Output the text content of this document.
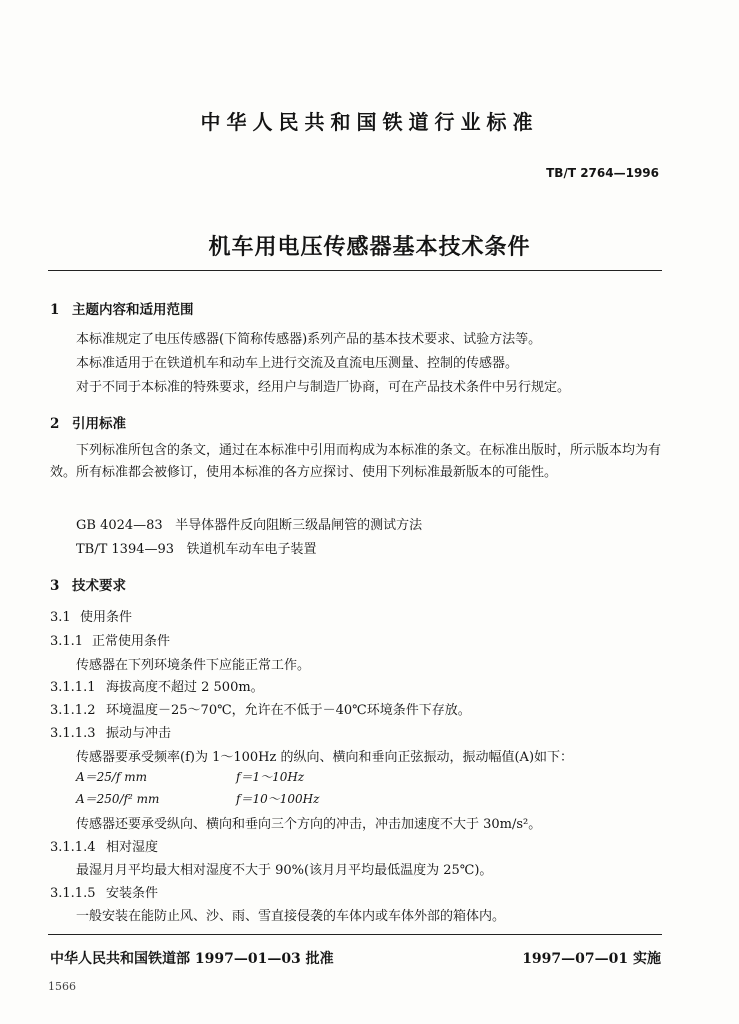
中华人民共和国铁道行业标准
TB/T 2764—1996
机车用电压传感器基本技术条件
1 主题内容和适用范围
本标准规定了电压传感器(下简称传感器)系列产品的基本技术要求、试验方法等。
本标准适用于在铁道机车和动车上进行交流及直流电压测量、控制的传感器。
对于不同于本标准的特殊要求，经用户与制造厂协商，可在产品技术条件中另行规定。
2 引用标准
下列标准所包含的条文，通过在本标准中引用而构成为本标准的条文。在标准出版时，所示版本均为有效。所有标准都会被修订，使用本标准的各方应探讨、使用下列标准最新版本的可能性。
GB 4024—83 半导体器件反向阻断三级晶闸管的测试方法
TB/T 1394—93 铁道机车动车电子装置
3 技术要求
3.1 使用条件
3.1.1 正常使用条件
传感器在下列环境条件下应能正常工作。
3.1.1.1 海拔高度不超过 2 500m。
3.1.1.2 环境温度－25～70℃，允许在不低于－40℃环境条件下存放。
3.1.1.3 振动与冲击
传感器要承受频率(f)为 1～100Hz 的纵向、横向和垂向正弦振动，振动幅值(A)如下：
A＝25/f mm	f＝1～10Hz
A＝250/f² mm	f＝10～100Hz
传感器还要承受纵向、横向和垂向三个方向的冲击，冲击加速度不大于 30m/s²。
3.1.1.4 相对湿度
最湿月月平均最大相对湿度不大于 90%(该月月平均最低温度为 25℃)。
3.1.1.5 安装条件
一般安装在能防止风、沙、雨、雪直接侵袭的车体内或车体外部的箱体内。
中华人民共和国铁道部 1997—01—03 批准	1997—07—01 实施
1566
